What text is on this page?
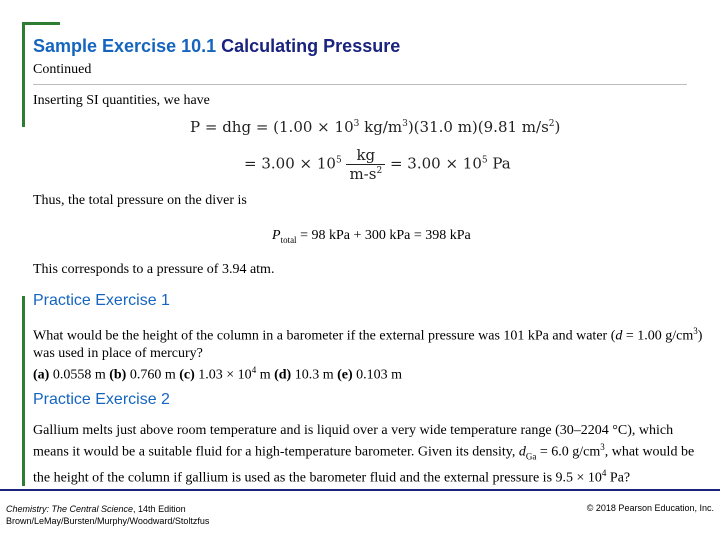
Sample Exercise 10.1 Calculating Pressure
Continued
Inserting SI quantities, we have
P = dhg = ($1.00 \times 10^3$ $kg/m^3)(31.0$ m)(9.81 $m/s^2$)
= $3.00 \times 10^5 \frac{kg}{m-s^2} = 3.00 \times 10^5$ Pa
Thus, the total pressure on the diver is
$P_{total} = 98$ kPa + 300 kPa = 398 kPa
This corresponds to a pressure of 3.94 atm.
Practice Exercise 1
What would be the height of the column in a barometer if the external pressure was 101 kPa and water (d = 1.00 $g/cm^3$) was used in place of mercury?
(a) 0.0558 m (b) 0.760 m (c) $1.03 \times 10^4$ m (d) 10.3 m (e) 0.103 m
Practice Exercise 2
Gallium melts just above room temperature and is liquid over a very wide temperature range (30–2204 °C), which means it would be a suitable fluid for a high-temperature barometer. Given its density, $d_{Ga} = 6.0$ $g/cm^3$, what would be the height of the column if gallium is used as the barometer fluid and the external pressure is $9.5 \times 10^4$ Pa?
Chemistry: The Central Science, 14th Edition
Brown/LeMay/Bursten/Murphy/Woodward/Stoltzfus
© 2018 Pearson Education, Inc.
